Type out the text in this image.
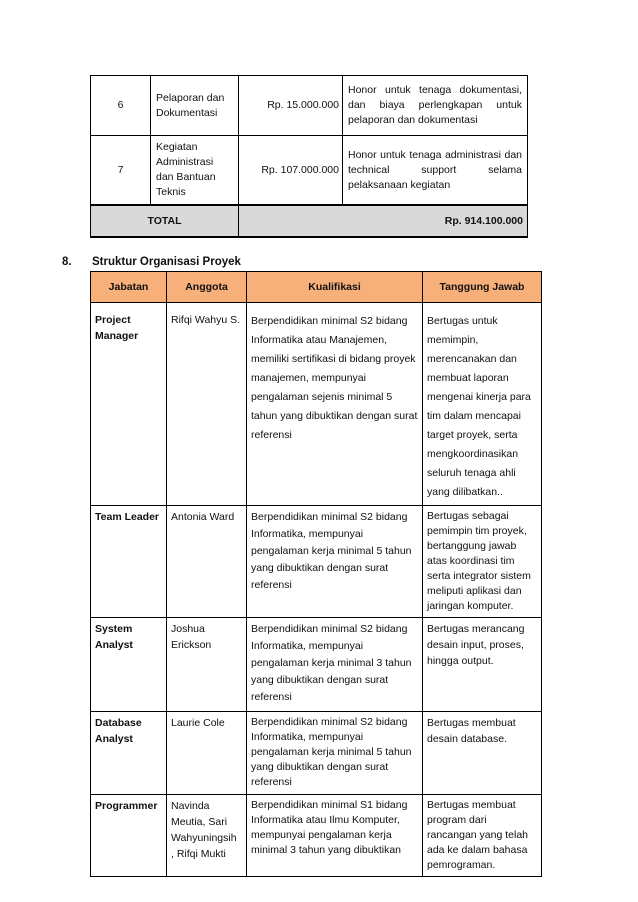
6	Pelaporan dan Dokumentasi	Rp. 15.000.000	Honor untuk tenaga dokumentasi, dan biaya perlengkapan untuk pelaporan dan dokumentasi
7	Kegiatan Administrasi dan Bantuan Teknis	Rp. 107.000.000	Honor untuk tenaga administrasi dan technical support selama pelaksanaan kegiatan
TOTAL		Rp. 914.100.000	
8. Struktur Organisasi Proyek
Jabatan	Anggota	Kualifikasi	Tanggung Jawab
Project Manager	Rifqi Wahyu S.	Berpendidikan minimal S2 bidang Informatika atau Manajemen, memiliki sertifikasi di bidang proyek manajemen, mempunyai pengalaman sejenis minimal 5 tahun yang dibuktikan dengan surat referensi	Bertugas untuk memimpin, merencanakan dan membuat laporan mengenai kinerja para tim dalam mencapai target proyek, serta mengkoordinasikan seluruh tenaga ahli yang dilibatkan..
Team Leader	Antonia Ward	Berpendidikan minimal S2 bidang Informatika, mempunyai pengalaman kerja minimal 5 tahun yang dibuktikan dengan surat referensi	Bertugas sebagai pemimpin tim proyek, bertanggung jawab atas koordinasi tim serta integrator sistem meliputi aplikasi dan jaringan komputer.
System Analyst	Joshua Erickson	Berpendidikan minimal S2 bidang Informatika, mempunyai pengalaman kerja minimal 3 tahun yang dibuktikan dengan surat referensi	Bertugas merancang desain input, proses, hingga output.
Database Analyst	Laurie Cole	Berpendidikan minimal S2 bidang Informatika, mempunyai pengalaman kerja minimal 5 tahun yang dibuktikan dengan surat referensi	Bertugas membuat desain database.
Programmer	Navinda Meutia, Sari Wahyuningsih , Rifqi Mukti	Berpendidikan minimal S1 bidang Informatika atau Ilmu Komputer, mempunyai pengalaman kerja minimal 3 tahun yang dibuktikan	Bertugas membuat program dari rancangan yang telah ada ke dalam bahasa pemrograman.
